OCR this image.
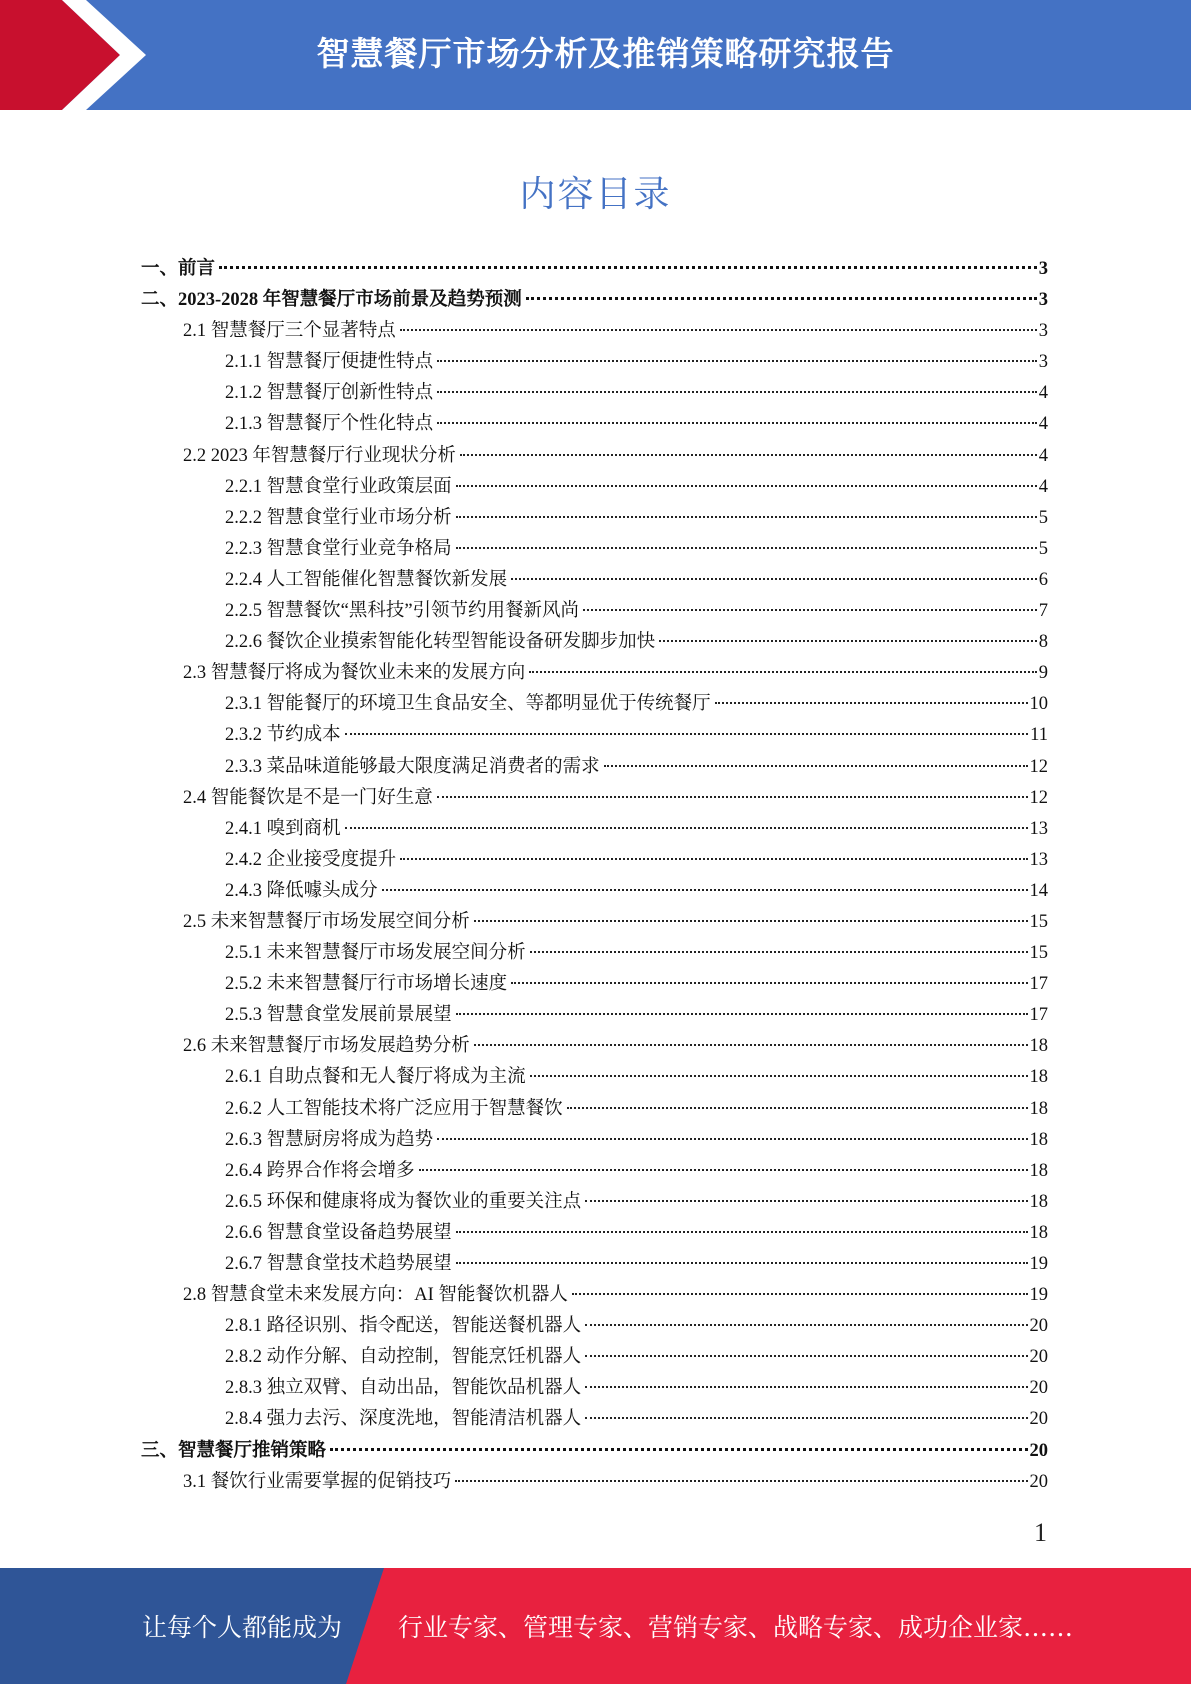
智慧餐厅市场分析及推销策略研究报告
内容目录
一、前言	3
二、2023-2028 年智慧餐厅市场前景及趋势预测	3
2.1 智慧餐厅三个显著特点	3
2.1.1 智慧餐厅便捷性特点	3
2.1.2 智慧餐厅创新性特点	4
2.1.3 智慧餐厅个性化特点	4
2.2 2023 年智慧餐厅行业现状分析	4
2.2.1 智慧食堂行业政策层面	4
2.2.2 智慧食堂行业市场分析	5
2.2.3 智慧食堂行业竞争格局	5
2.2.4 人工智能催化智慧餐饮新发展	6
2.2.5 智慧餐饮“黑科技”引领节约用餐新风尚	7
2.2.6 餐饮企业摸索智能化转型智能设备研发脚步加快	8
2.3 智慧餐厅将成为餐饮业未来的发展方向	9
2.3.1 智能餐厅的环境卫生食品安全、等都明显优于传统餐厅	10
2.3.2 节约成本	11
2.3.3 菜品味道能够最大限度满足消费者的需求	12
2.4 智能餐饮是不是一门好生意	12
2.4.1 嗅到商机	13
2.4.2 企业接受度提升	13
2.4.3 降低噱头成分	14
2.5 未来智慧餐厅市场发展空间分析	15
2.5.1 未来智慧餐厅市场发展空间分析	15
2.5.2 未来智慧餐厅行市场增长速度	17
2.5.3 智慧食堂发展前景展望	17
2.6 未来智慧餐厅市场发展趋势分析	18
2.6.1 自助点餐和无人餐厅将成为主流	18
2.6.2 人工智能技术将广泛应用于智慧餐饮	18
2.6.3 智慧厨房将成为趋势	18
2.6.4 跨界合作将会增多	18
2.6.5 环保和健康将成为餐饮业的重要关注点	18
2.6.6 智慧食堂设备趋势展望	18
2.6.7 智慧食堂技术趋势展望	19
2.8 智慧食堂未来发展方向：AI 智能餐饮机器人	19
2.8.1 路径识别、指令配送，智能送餐机器人	20
2.8.2 动作分解、自动控制，智能烹饪机器人	20
2.8.3 独立双臂、自动出品，智能饮品机器人	20
2.8.4 强力去污、深度洗地，智能清洁机器人	20
三、智慧餐厅推销策略	20
3.1 餐饮行业需要掌握的促销技巧	20
1
让每个人都能成为 行业专家、管理专家、营销专家、战略专家、成功企业家……
